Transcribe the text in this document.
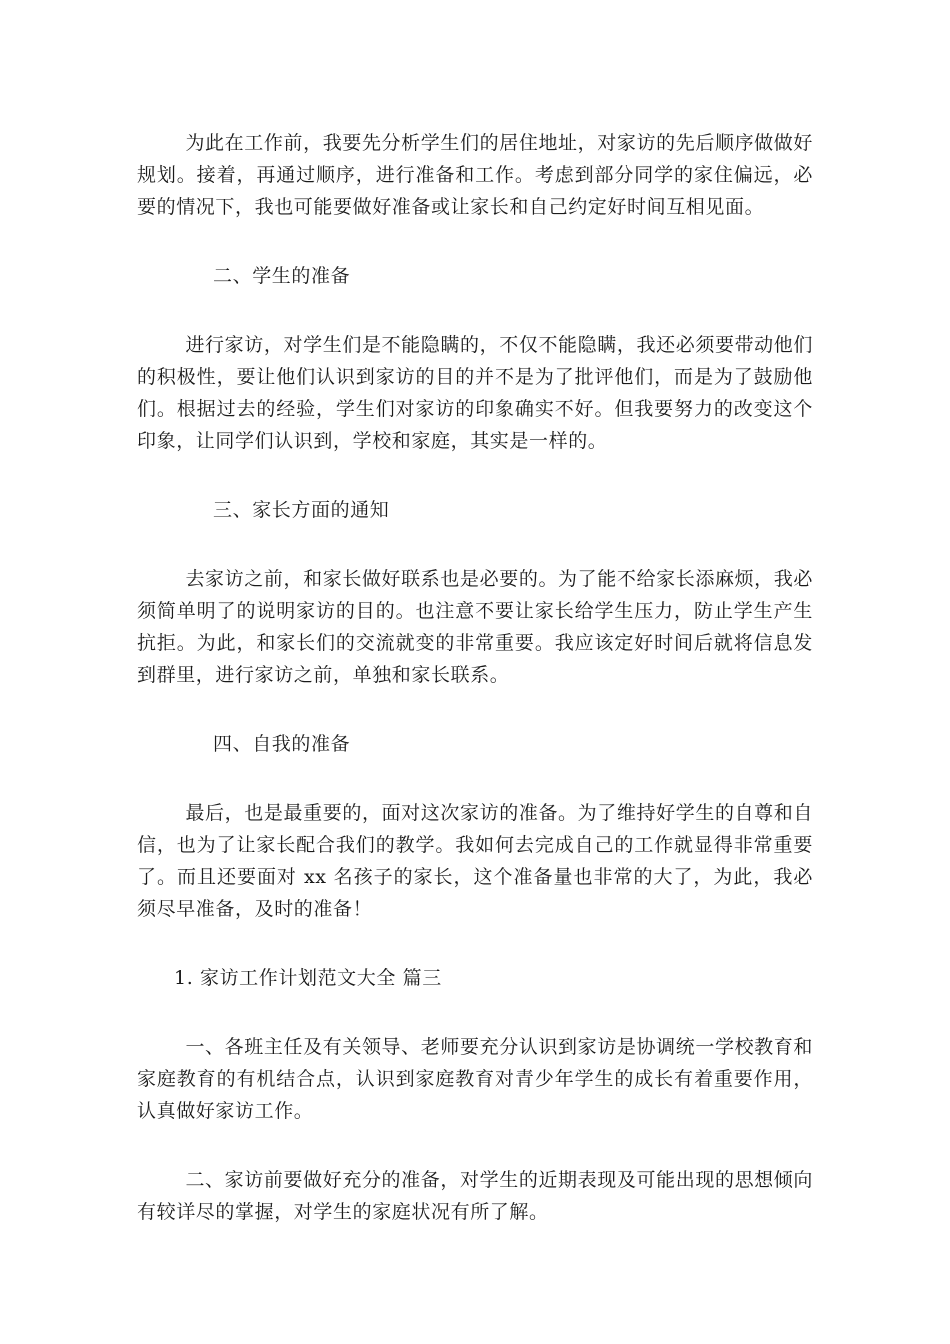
为此在工作前，我要先分析学生们的居住地址，对家访的先后顺序做做好规划。接着，再通过顺序，进行准备和工作。考虑到部分同学的家住偏远，必要的情况下，我也可能要做好准备或让家长和自己约定好时间互相见面。

二、学生的准备

进行家访，对学生们是不能隐瞒的，不仅不能隐瞒，我还必须要带动他们的积极性，要让他们认识到家访的目的并不是为了批评他们，而是为了鼓励他们。根据过去的经验，学生们对家访的印象确实不好。但我要努力的改变这个印象，让同学们认识到，学校和家庭，其实是一样的。

三、家长方面的通知

去家访之前，和家长做好联系也是必要的。为了能不给家长添麻烦，我必须简单明了的说明家访的目的。也注意不要让家长给学生压力，防止学生产生抗拒。为此，和家长们的交流就变的非常重要。我应该定好时间后就将信息发到群里，进行家访之前，单独和家长联系。

四、自我的准备

最后，也是最重要的，面对这次家访的准备。为了维持好学生的自尊和自信，也为了让家长配合我们的教学。我如何去完成自己的工作就显得非常重要了。而且还要面对 xx 名孩子的家长，这个准备量也非常的大了，为此，我必须尽早准备，及时的准备！

1. 家访工作计划范文大全 篇三

一、各班主任及有关领导、老师要充分认识到家访是协调统一学校教育和家庭教育的有机结合点，认识到家庭教育对青少年学生的成长有着重要作用，认真做好家访工作。

二、家访前要做好充分的准备，对学生的近期表现及可能出现的思想倾向有较详尽的掌握，对学生的家庭状况有所了解。
